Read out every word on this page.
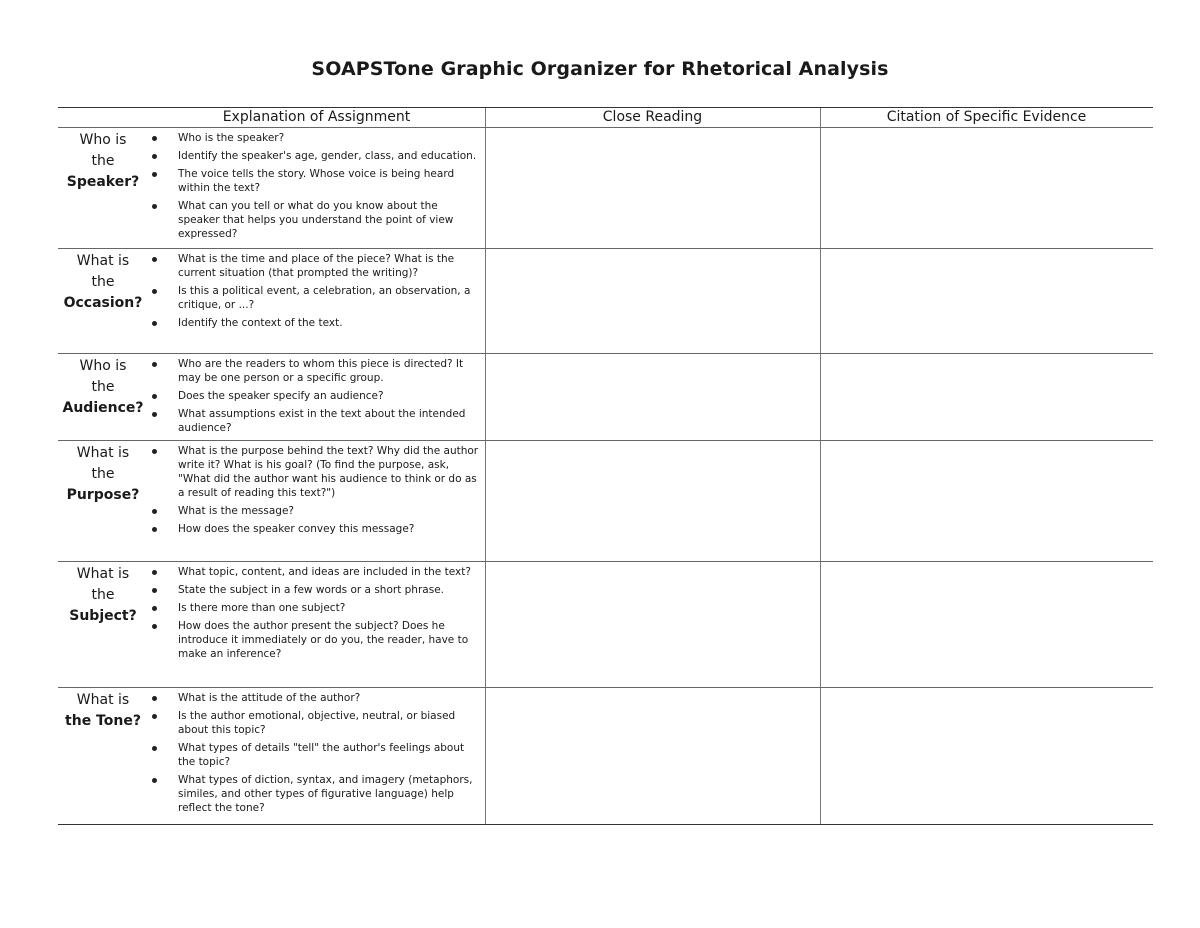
SOAPSTone Graphic Organizer for Rhetorical Analysis
Explanation of Assignment	Close Reading	Citation of Specific Evidence
Who is
the
Speaker?
Who is the speaker?
Identify the speaker's age, gender, class, and education.
The voice tells the story. Whose voice is being heard within the text?
What can you tell or what do you know about the speaker that helps you understand the point of view expressed?
What is
the
Occasion?
What is the time and place of the piece? What is the current situation (that prompted the writing)?
Is this a political event, a celebration, an observation, a critique, or ...?
Identify the context of the text.
Who is
the
Audience?
Who are the readers to whom this piece is directed? It may be one person or a specific group.
Does the speaker specify an audience?
What assumptions exist in the text about the intended audience?
What is
the
Purpose?
What is the purpose behind the text? Why did the author write it? What is his goal? (To find the purpose, ask, "What did the author want his audience to think or do as a result of reading this text?")
What is the message?
How does the speaker convey this message?
What is
the
Subject?
What topic, content, and ideas are included in the text?
State the subject in a few words or a short phrase.
Is there more than one subject?
How does the author present the subject? Does he introduce it immediately or do you, the reader, have to make an inference?
What is
the Tone?
What is the attitude of the author?
Is the author emotional, objective, neutral, or biased about this topic?
What types of details "tell" the author's feelings about the topic?
What types of diction, syntax, and imagery (metaphors, similes, and other types of figurative language) help reflect the tone?
